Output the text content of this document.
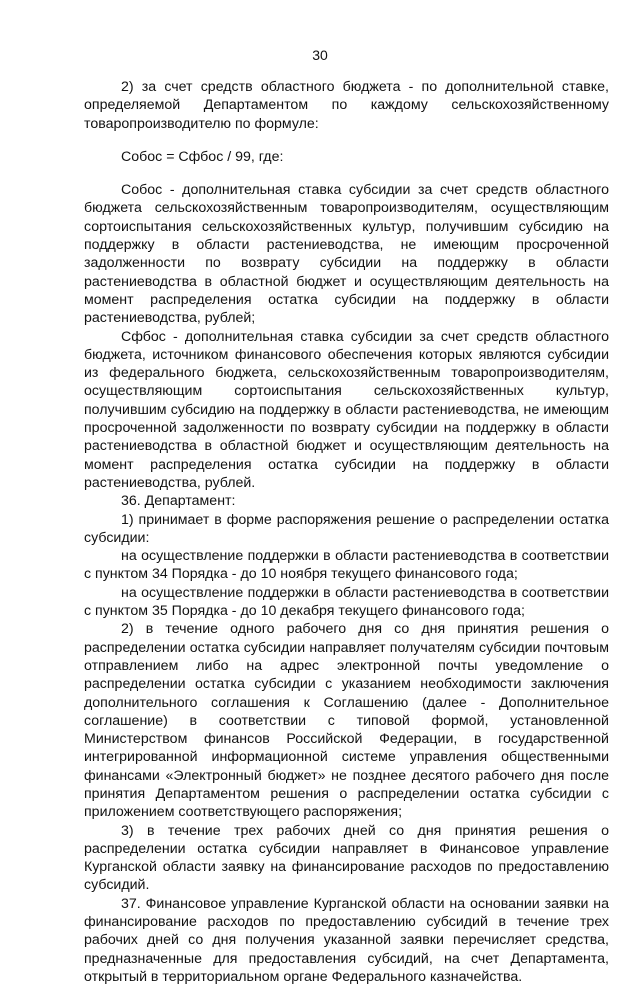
30

2) за счет средств областного бюджета - по дополнительной ставке, определяемой Департаментом по каждому сельскохозяйственному товаропроизводителю по формуле:

Собос = Сфбос / 99, где:

Собос - дополнительная ставка субсидии за счет средств областного бюджета сельскохозяйственным товаропроизводителям, осуществляющим сортоиспытания сельскохозяйственных культур, получившим субсидию на поддержку в области растениеводства, не имеющим просроченной задолженности по возврату субсидии на поддержку в области растениеводства в областной бюджет и осуществляющим деятельность на момент распределения остатка субсидии на поддержку в области растениеводства, рублей;

Сфбос - дополнительная ставка субсидии за счет средств областного бюджета, источником финансового обеспечения которых являются субсидии из федерального бюджета, сельскохозяйственным товаропроизводителям, осуществляющим сортоиспытания сельскохозяйственных культур, получившим субсидию на поддержку в области растениеводства, не имеющим просроченной задолженности по возврату субсидии на поддержку в области растениеводства в областной бюджет и осуществляющим деятельность на момент распределения остатка субсидии на поддержку в области растениеводства, рублей.

36. Департамент:

1) принимает в форме распоряжения решение о распределении остатка субсидии:

на осуществление поддержки в области растениеводства в соответствии с пунктом 34 Порядка - до 10 ноября текущего финансового года;

на осуществление поддержки в области растениеводства в соответствии с пунктом 35 Порядка - до 10 декабря текущего финансового года;

2) в течение одного рабочего дня со дня принятия решения о распределении остатка субсидии направляет получателям субсидии почтовым отправлением либо на адрес электронной почты уведомление о распределении остатка субсидии с указанием необходимости заключения дополнительного соглашения к Соглашению (далее - Дополнительное соглашение) в соответствии с типовой формой, установленной Министерством финансов Российской Федерации, в государственной интегрированной информационной системе управления общественными финансами «Электронный бюджет» не позднее десятого рабочего дня после принятия Департаментом решения о распределении остатка субсидии с приложением соответствующего распоряжения;

3) в течение трех рабочих дней со дня принятия решения о распределении остатка субсидии направляет в Финансовое управление Курганской области заявку на финансирование расходов по предоставлению субсидий.

37. Финансовое управление Курганской области на основании заявки на финансирование расходов по предоставлению субсидий в течение трех рабочих дней со дня получения указанной заявки перечисляет средства, предназначенные для предоставления субсидий, на счет Департамента, открытый в территориальном органе Федерального казначейства.
